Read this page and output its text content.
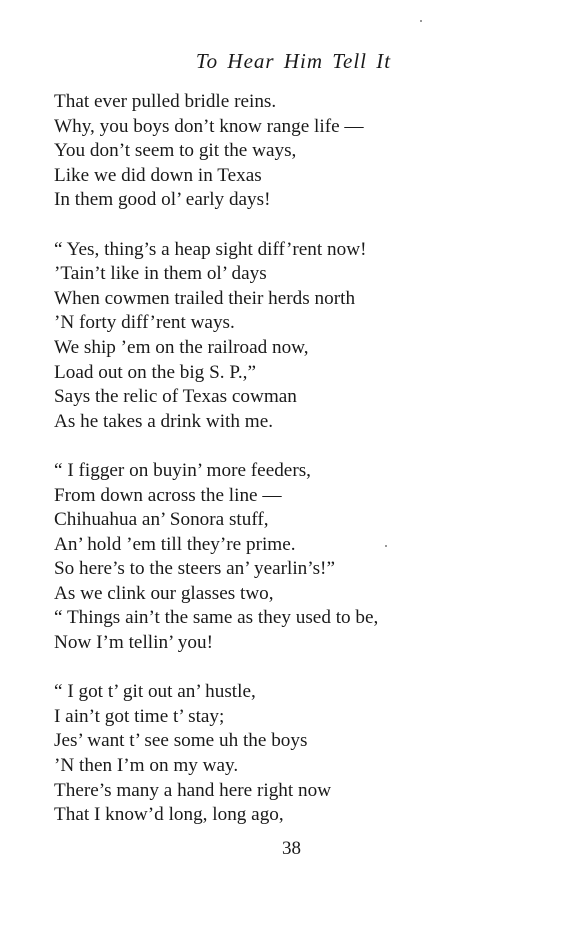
To Hear Him Tell It
That ever pulled bridle reins.
Why, you boys don’t know range life —
You don’t seem to git the ways,
Like we did down in Texas
In them good ol’ early days!
“ Yes, thing’s a heap sight diff’rent now!
’Tain’t like in them ol’ days
When cowmen trailed their herds north
’N forty diff’rent ways.
We ship ’em on the railroad now,
Load out on the big S. P.,”
Says the relic of Texas cowman
As he takes a drink with me.
“ I figger on buyin’ more feeders,
From down across the line —
Chihuahua an’ Sonora stuff,
An’ hold ’em till they’re prime.
So here’s to the steers an’ yearlin’s!”
As we clink our glasses two,
“ Things ain’t the same as they used to be,
Now I’m tellin’ you!
“ I got t’ git out an’ hustle,
I ain’t got time t’ stay;
Jes’ want t’ see some uh the boys
’N then I’m on my way.
There’s many a hand here right now
That I know’d long, long ago,
38
